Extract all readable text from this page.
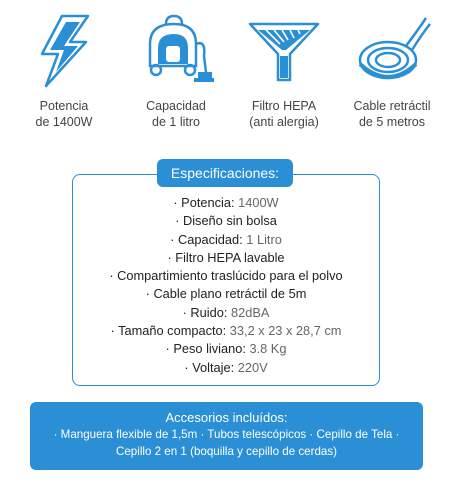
Potencia
de 1400W
Capacidad
de 1 litro
Filtro HEPA
(anti alergia)
Cable retráctil
de 5 metros
Especificaciones:
· Potencia: 1400W
· Diseño sin bolsa
· Capacidad: 1 Litro
· Filtro HEPA lavable
· Compartimiento traslúcido para el polvo
· Cable plano retráctil de 5m
· Ruido: 82dBA
· Tamaño compacto: 33,2 x 23 x 28,7 cm
· Peso liviano: 3.8 Kg
· Voltaje: 220V
Accesorios incluídos:
· Manguera flexible de 1,5m · Tubos telescópicos · Cepillo de Tela ·
Cepillo 2 en 1 (boquilla y cepillo de cerdas)
